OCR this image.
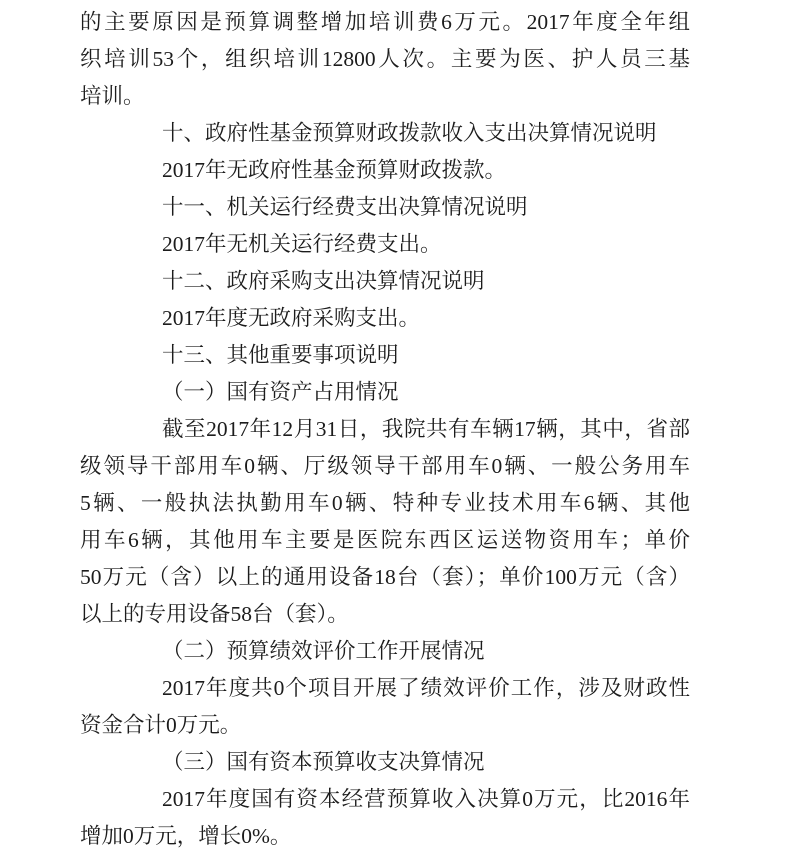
的主要原因是预算调整增加培训费6万元。2017年度全年组
织培训53个，组织培训12800人次。主要为医、护人员三基
培训。
十、政府性基金预算财政拨款收入支出决算情况说明
2017年无政府性基金预算财政拨款。
十一、机关运行经费支出决算情况说明
2017年无机关运行经费支出。
十二、政府采购支出决算情况说明
2017年度无政府采购支出。
十三、其他重要事项说明
（一）国有资产占用情况
截至2017年12月31日，我院共有车辆17辆，其中，省部
级领导干部用车0辆、厅级领导干部用车0辆、一般公务用车
5辆、一般执法执勤用车0辆、特种专业技术用车6辆、其他
用车6辆，其他用车主要是医院东西区运送物资用车；单价
50万元（含）以上的通用设备18台（套）；单价100万元（含）
以上的专用设备58台（套）。
（二）预算绩效评价工作开展情况
2017年度共0个项目开展了绩效评价工作，涉及财政性
资金合计0万元。
（三）国有资本预算收支决算情况
2017年度国有资本经营预算收入决算0万元，比2016年
增加0万元，增长0%。
